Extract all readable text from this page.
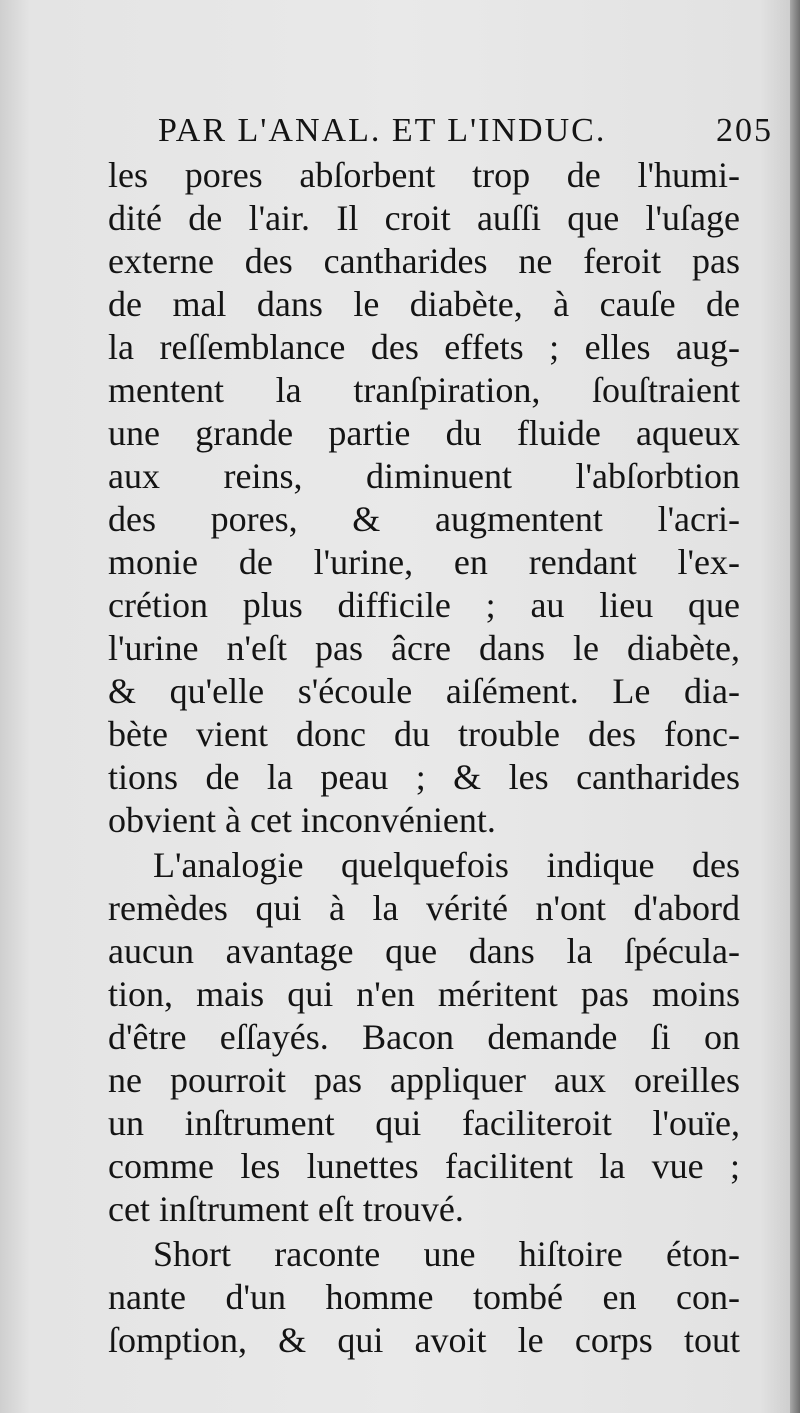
PAR L'ANAL. ET L'INDUC.	205
les pores abſorbent trop de l'humi-
dité de l'air. Il croit auſſi que l'uſage
externe des cantharides ne feroit pas
de mal dans le diabète, à cauſe de
la reſſemblance des effets ; elles aug-
mentent la tranſpiration, ſouſtraient
une grande partie du fluide aqueux
aux reins, diminuent l'abſorbtion
des pores, & augmentent l'acri-
monie de l'urine, en rendant l'ex-
crétion plus difficile ; au lieu que
l'urine n'eſt pas âcre dans le diabète,
& qu'elle s'écoule aiſément. Le dia-
bète vient donc du trouble des fonc-
tions de la peau ; & les cantharides
obvient à cet inconvénient.
L'analogie quelquefois indique des
remèdes qui à la vérité n'ont d'abord
aucun avantage que dans la ſpécula-
tion, mais qui n'en méritent pas moins
d'être eſſayés. Bacon demande ſi on
ne pourroit pas appliquer aux oreilles
un inſtrument qui faciliteroit l'ouïe,
comme les lunettes facilitent la vue ;
cet inſtrument eſt trouvé.
Short raconte une hiſtoire éton-
nante d'un homme tombé en con-
ſomption, & qui avoit le corps tout
